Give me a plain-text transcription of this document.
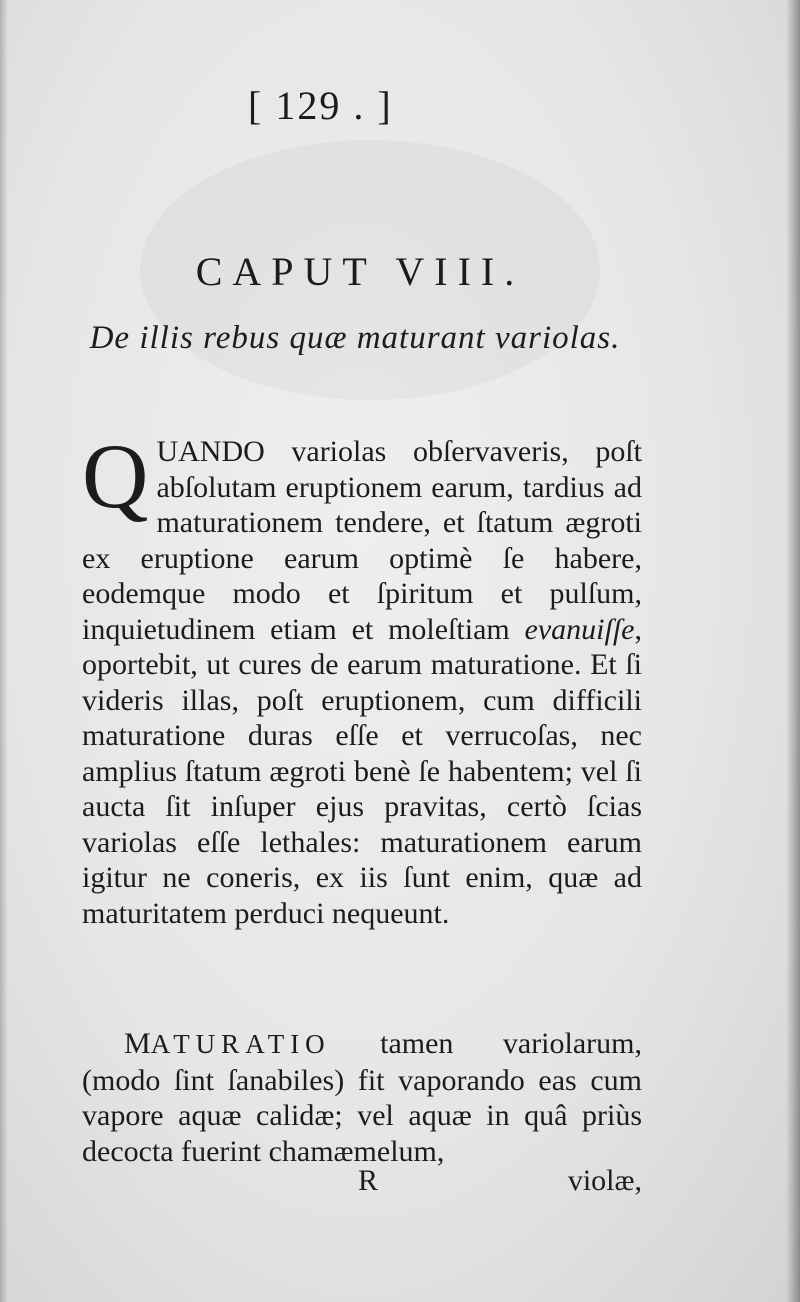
[ 129 . ]
CAPUT VIII.
De illis rebus quæ maturant variolas.
QUANDO variolas obſervaveris, poſt abſolutam eruptionem earum, tardius ad maturationem tendere, et ſtatum ægroti ex eruptione earum optimè ſe habere, eodemque modo et ſpiritum et pulſum, inquietudinem etiam et moleſtiam evanuiſſe, oportebit, ut cures de earum maturatione. Et ſi videris illas, poſt eruptionem, cum difficili maturatione duras eſſe et verrucoſas, nec amplius ſtatum ægroti benè ſe habentem; vel ſi aucta ſit inſuper ejus pravitas, certò ſcias variolas eſſe lethales: maturationem earum igitur ne coneris, ex iis ſunt enim, quæ ad maturitatem perduci nequeunt.
MATURATIO tamen variolarum, (modo ſint ſanabiles) fit vaporando eas cum vapore aquæ calidæ; vel aquæ in quâ priùs decocta fuerint chamæmelum,
R	violæ,
